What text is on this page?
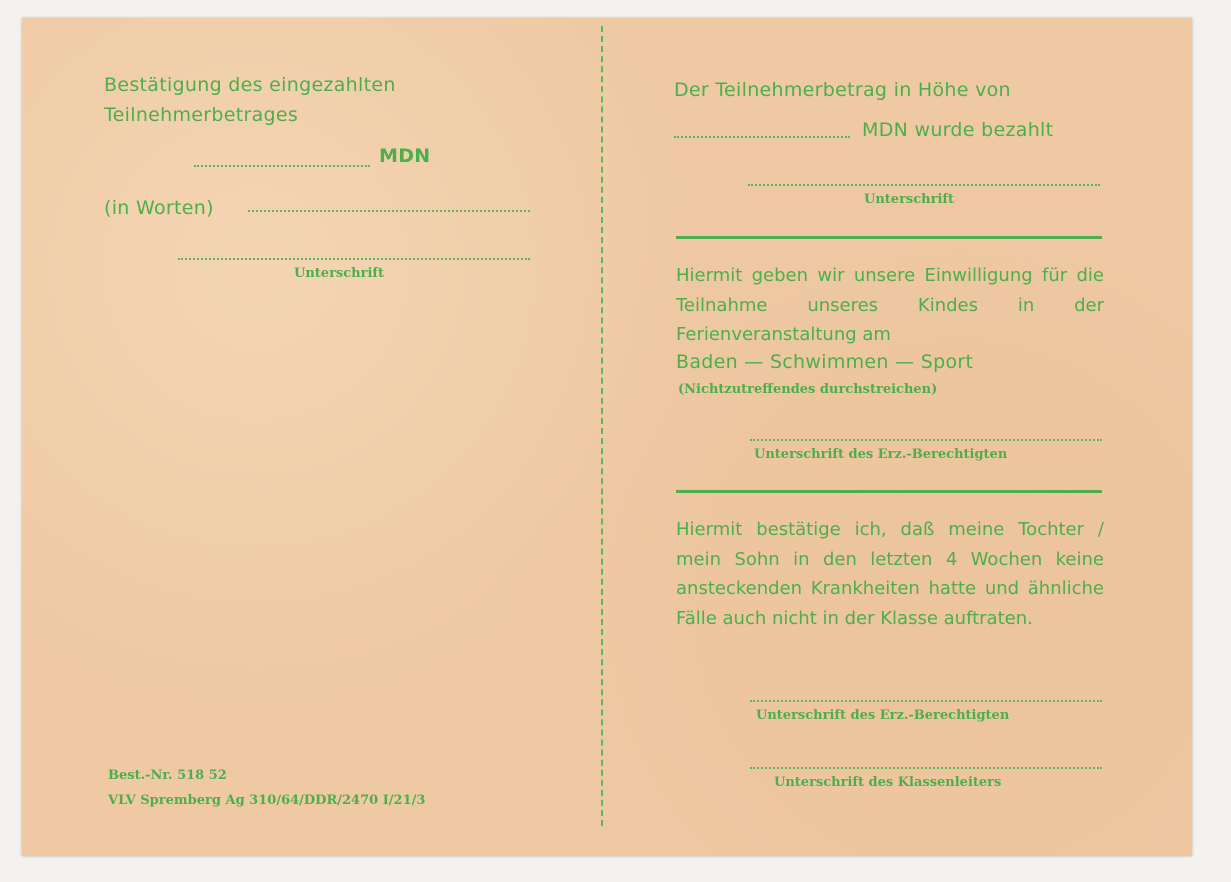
Bestätigung des eingezahlten
Teilnehmerbetrages
MDN
(in Worten)
Unterschrift
Best.-Nr. 518 52
VLV Spremberg Ag 310/64/DDR/2470 I/21/3
Der Teilnehmerbetrag in Höhe von
MDN wurde bezahlt
Unterschrift
Hiermit geben wir unsere Einwilligung für die Teilnahme unseres Kindes in der Ferienveranstaltung am
Baden — Schwimmen — Sport
(Nichtzutreffendes durchstreichen)
Unterschrift des Erz.-Berechtigten
Hiermit bestätige ich, daß meine Tochter / mein Sohn in den letzten 4 Wochen keine ansteckenden Krankheiten hatte und ähnliche Fälle auch nicht in der Klasse auftraten.
Unterschrift des Erz.-Berechtigten
Unterschrift des Klassenleiters
